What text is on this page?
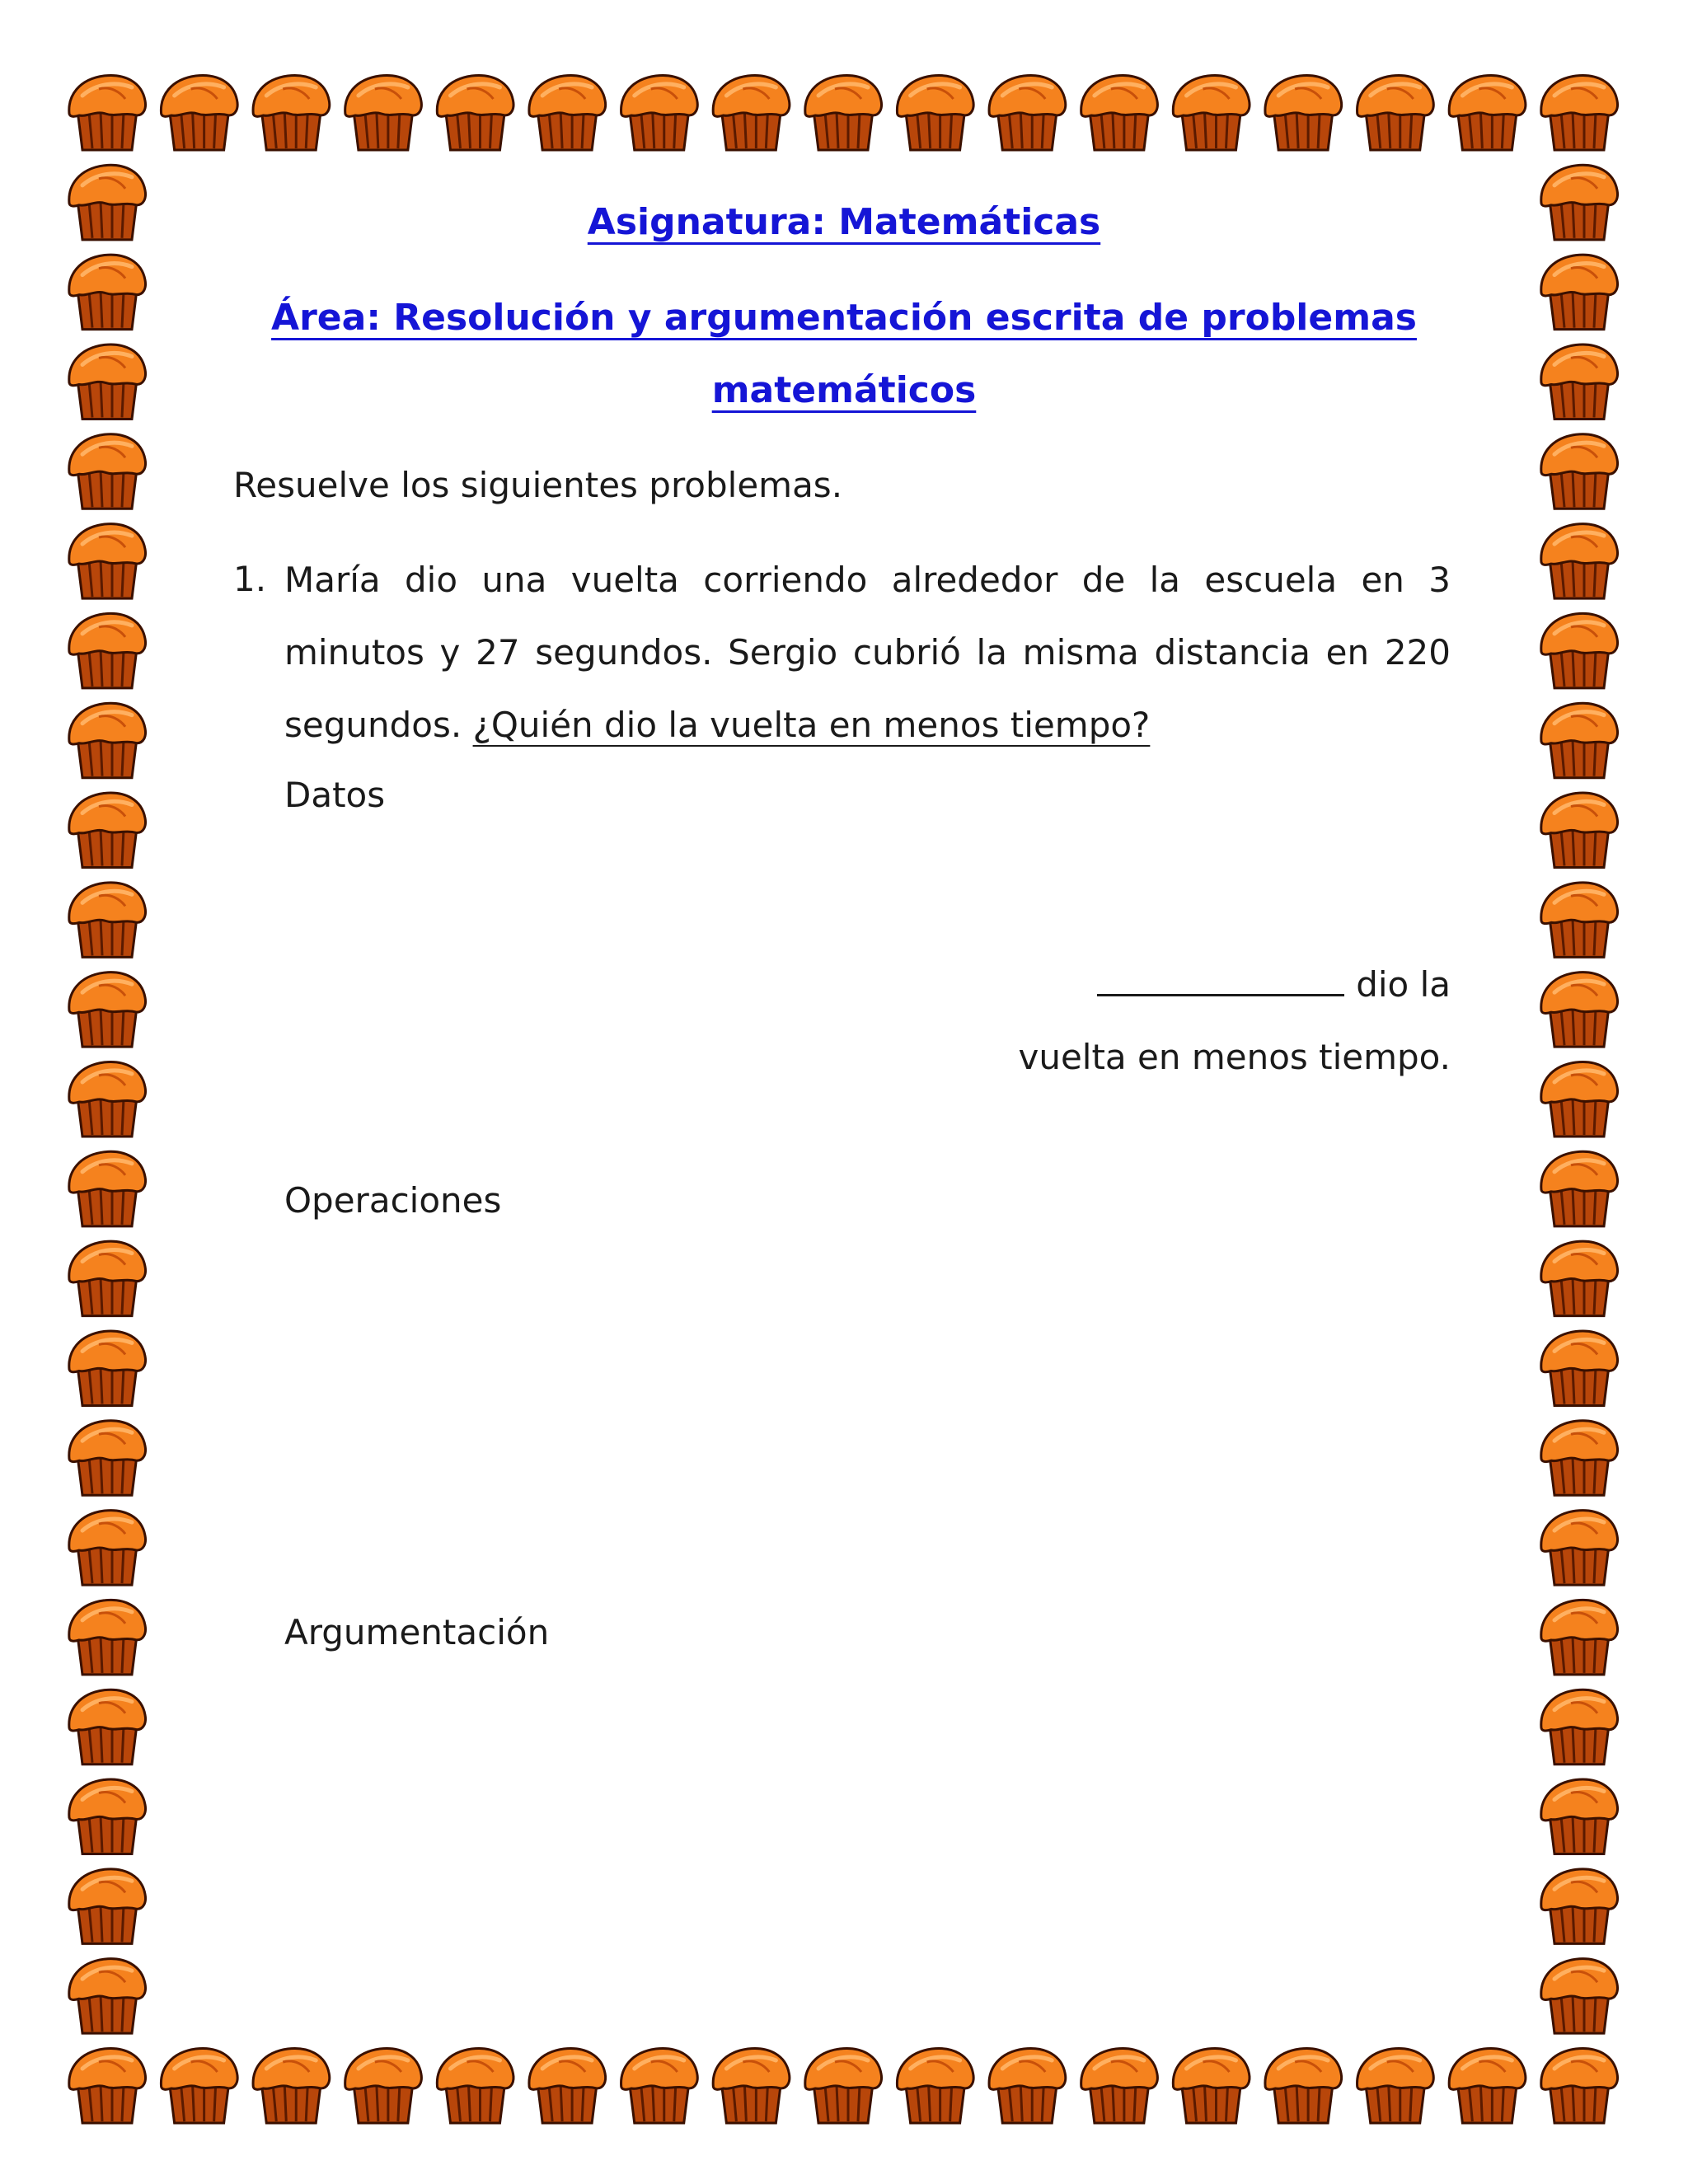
Asignatura: Matemáticas
Área: Resolución y argumentación escrita de problemas
matemáticos
Resuelve los siguientes problemas.
1. María dio una vuelta corriendo alrededor de la escuela en 3 minutos y 27 segundos. Sergio cubrió la misma distancia en 220 segundos. ¿Quién dio la vuelta en menos tiempo?
Datos
dio la
vuelta en menos tiempo.
Operaciones
Argumentación
